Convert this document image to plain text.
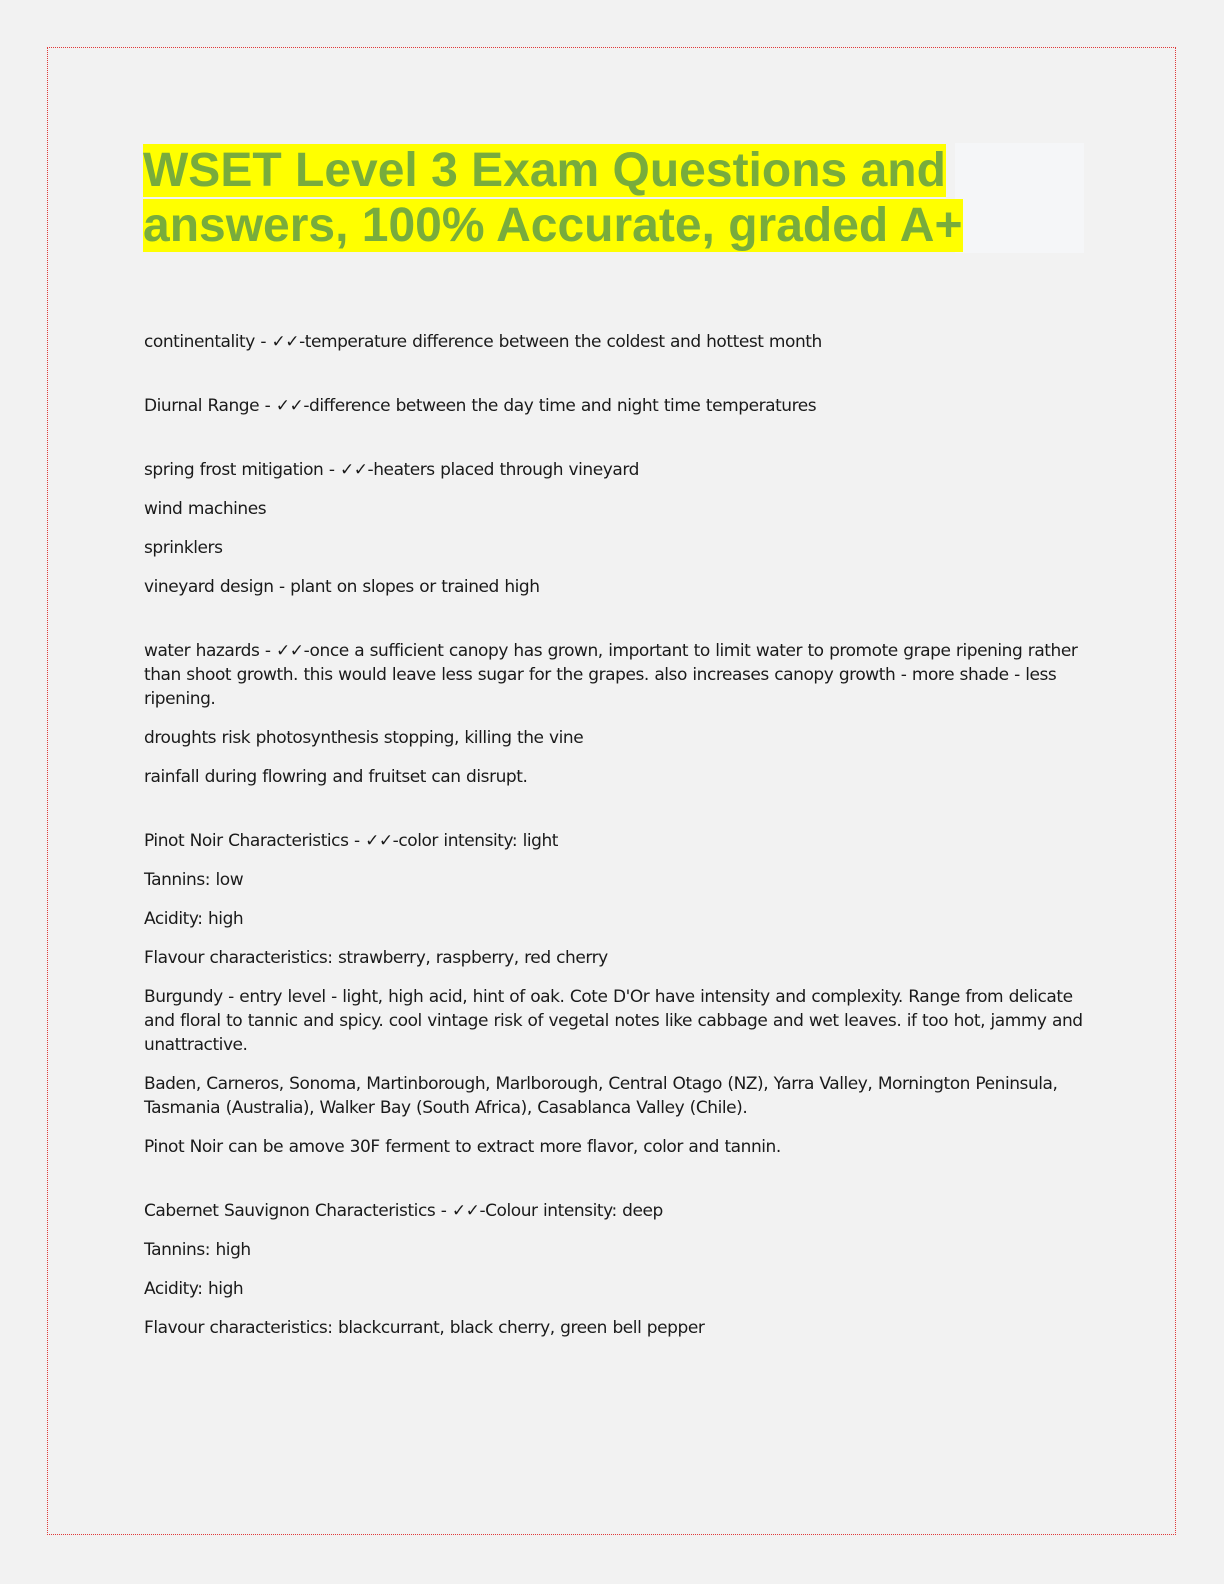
WSET Level 3 Exam Questions and
answers, 100% Accurate, graded A+

continentality - ✓✓-temperature difference between the coldest and hottest month

Diurnal Range - ✓✓-difference between the day time and night time temperatures

spring frost mitigation - ✓✓-heaters placed through vineyard

wind machines

sprinklers

vineyard design - plant on slopes or trained high

water hazards - ✓✓-once a sufficient canopy has grown, important to limit water to promote grape ripening rather than shoot growth. this would leave less sugar for the grapes. also increases canopy growth - more shade - less ripening.

droughts risk photosynthesis stopping, killing the vine

rainfall during flowring and fruitset can disrupt.

Pinot Noir Characteristics - ✓✓-color intensity: light

Tannins: low

Acidity: high

Flavour characteristics: strawberry, raspberry, red cherry

Burgundy - entry level - light, high acid, hint of oak. Cote D'Or have intensity and complexity. Range from delicate and floral to tannic and spicy. cool vintage risk of vegetal notes like cabbage and wet leaves. if too hot, jammy and unattractive.

Baden, Carneros, Sonoma, Martinborough, Marlborough, Central Otago (NZ), Yarra Valley, Mornington Peninsula, Tasmania (Australia), Walker Bay (South Africa), Casablanca Valley (Chile).

Pinot Noir can be amove 30F ferment to extract more flavor, color and tannin.

Cabernet Sauvignon Characteristics - ✓✓-Colour intensity: deep

Tannins: high

Acidity: high

Flavour characteristics: blackcurrant, black cherry, green bell pepper
